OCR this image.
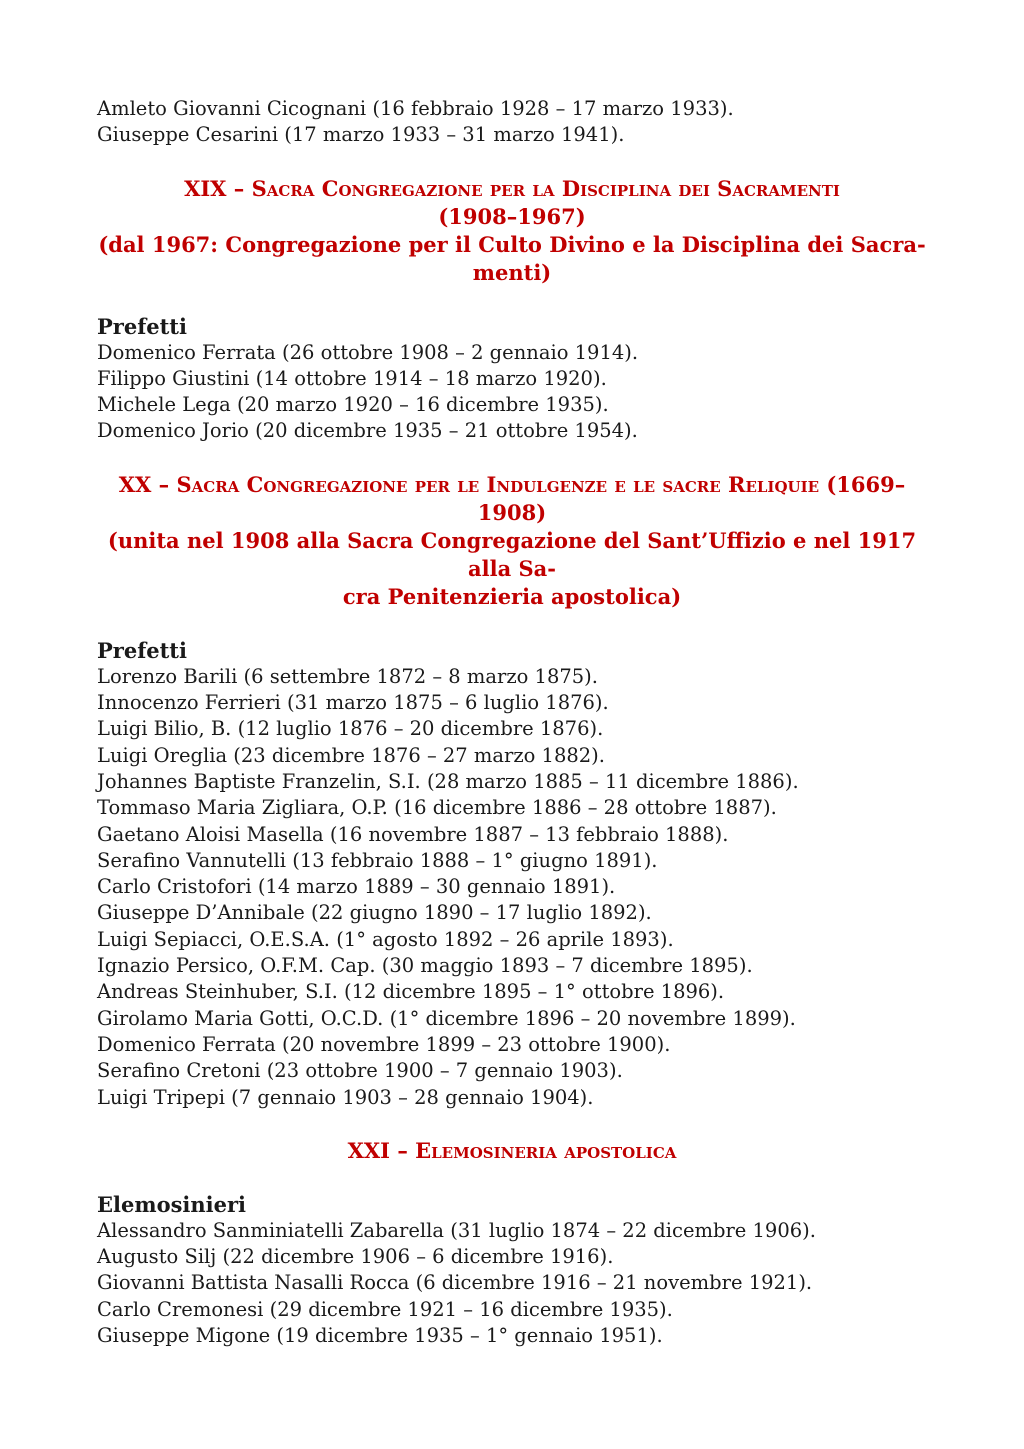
Amleto Giovanni Cicognani (16 febbraio 1928 – 17 marzo 1933).
Giuseppe Cesarini (17 marzo 1933 – 31 marzo 1941).
XIX – Sacra Congregazione per la Disciplina dei Sacramenti
(1908–1967)
(dal 1967: Congregazione per il Culto Divino e la Disciplina dei Sacra-
menti)
Prefetti
Domenico Ferrata (26 ottobre 1908 – 2 gennaio 1914).
Filippo Giustini (14 ottobre 1914 – 18 marzo 1920).
Michele Lega (20 marzo 1920 – 16 dicembre 1935).
Domenico Jorio (20 dicembre 1935 – 21 ottobre 1954).
XX – Sacra Congregazione per le Indulgenze e le sacre Reliquie (1669–1908)
(unita nel 1908 alla Sacra Congregazione del Sant’Uffizio e nel 1917 alla Sa-
cra Penitenzieria apostolica)
Prefetti
Lorenzo Barili (6 settembre 1872 – 8 marzo 1875).
Innocenzo Ferrieri (31 marzo 1875 – 6 luglio 1876).
Luigi Bilio, B. (12 luglio 1876 – 20 dicembre 1876).
Luigi Oreglia (23 dicembre 1876 – 27 marzo 1882).
Johannes Baptiste Franzelin, S.I. (28 marzo 1885 – 11 dicembre 1886).
Tommaso Maria Zigliara, O.P. (16 dicembre 1886 – 28 ottobre 1887).
Gaetano Aloisi Masella (16 novembre 1887 – 13 febbraio 1888).
Serafino Vannutelli (13 febbraio 1888 – 1° giugno 1891).
Carlo Cristofori (14 marzo 1889 – 30 gennaio 1891).
Giuseppe D’Annibale (22 giugno 1890 – 17 luglio 1892).
Luigi Sepiacci, O.E.S.A. (1° agosto 1892 – 26 aprile 1893).
Ignazio Persico, O.F.M. Cap. (30 maggio 1893 – 7 dicembre 1895).
Andreas Steinhuber, S.I. (12 dicembre 1895 – 1° ottobre 1896).
Girolamo Maria Gotti, O.C.D. (1° dicembre 1896 – 20 novembre 1899).
Domenico Ferrata (20 novembre 1899 – 23 ottobre 1900).
Serafino Cretoni (23 ottobre 1900 – 7 gennaio 1903).
Luigi Tripepi (7 gennaio 1903 – 28 gennaio 1904).
XXI – Elemosineria apostolica
Elemosinieri
Alessandro Sanminiatelli Zabarella (31 luglio 1874 – 22 dicembre 1906).
Augusto Silj (22 dicembre 1906 – 6 dicembre 1916).
Giovanni Battista Nasalli Rocca (6 dicembre 1916 – 21 novembre 1921).
Carlo Cremonesi (29 dicembre 1921 – 16 dicembre 1935).
Giuseppe Migone (19 dicembre 1935 – 1° gennaio 1951).
